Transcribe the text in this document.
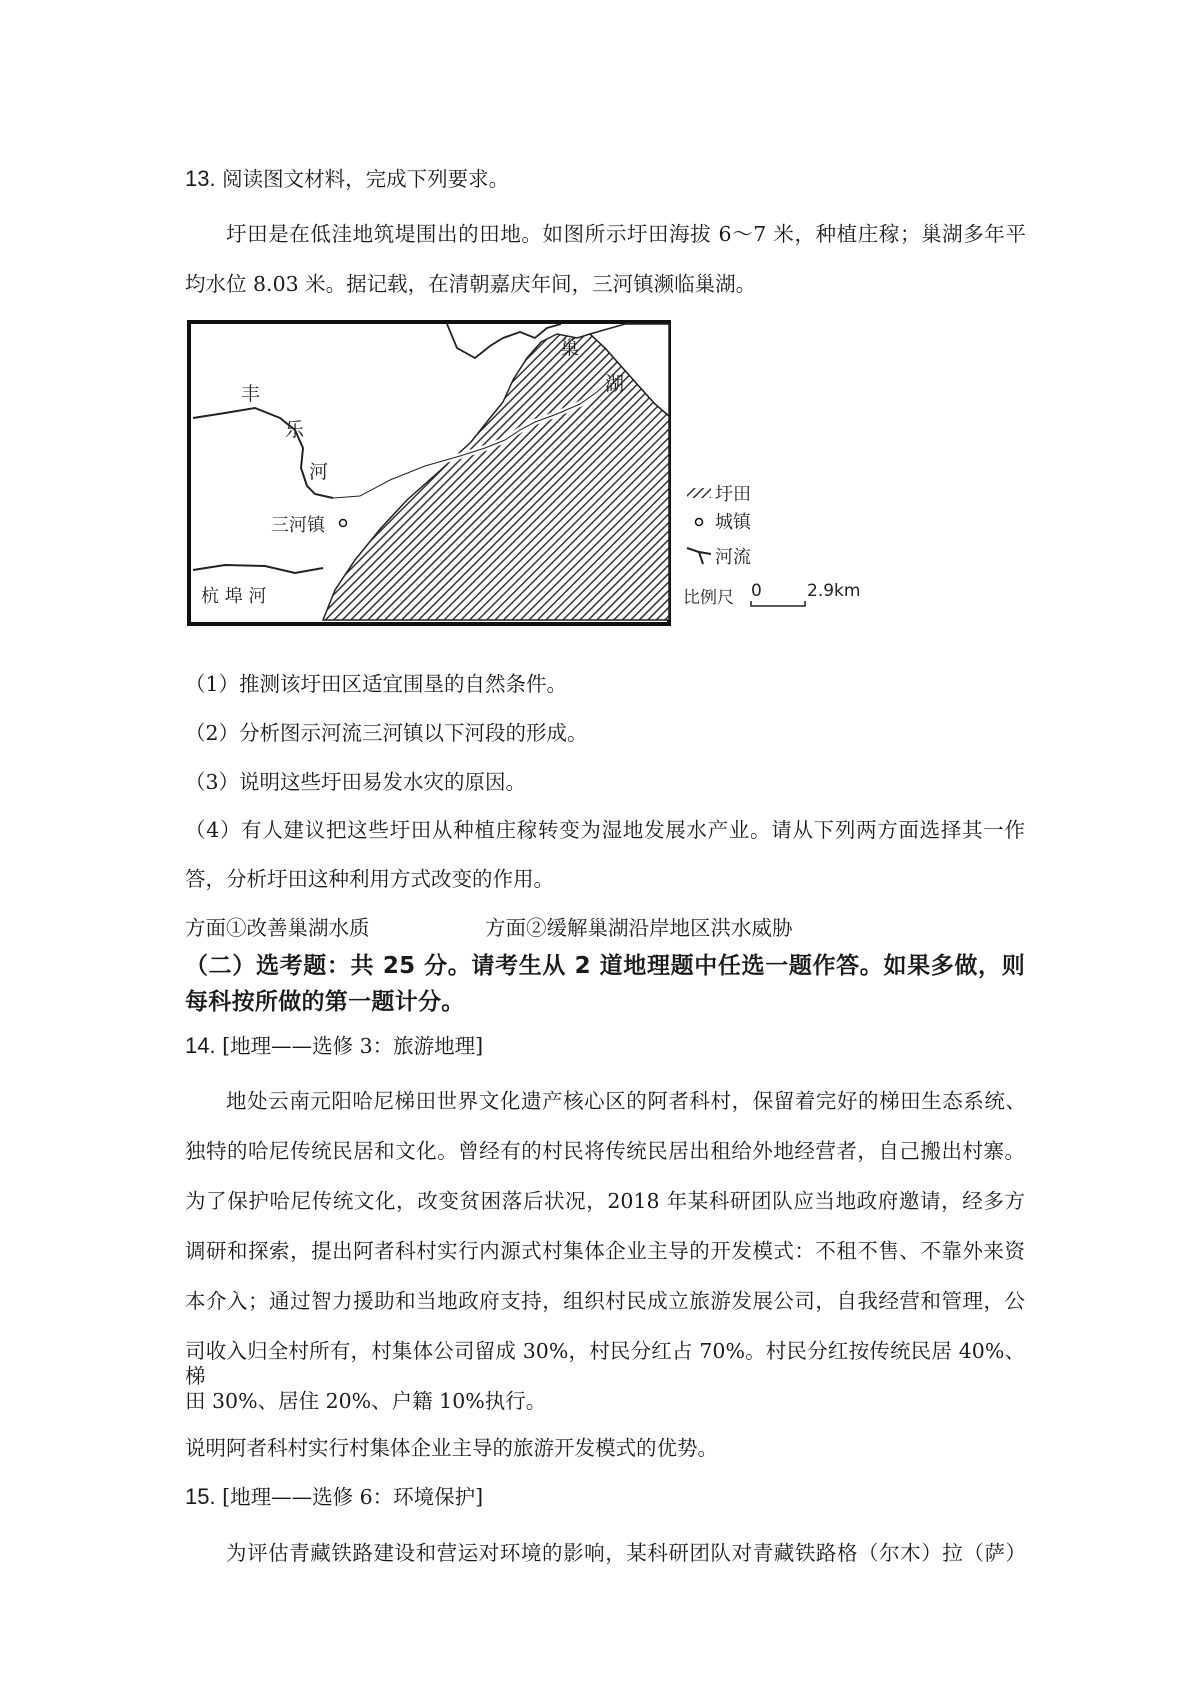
13. 阅读图文材料，完成下列要求。
圩田是在低洼地筑堤围出的田地。如图所示圩田海拔 6～7 米，种植庄稼；巢湖多年平
均水位 8.03 米。据记载，在清朝嘉庆年间，三河镇濒临巢湖。
巢
湖
丰
乐
河
三河镇
杭 埠 河
圩田
城镇
河流
比例尺 0	2.9km
（1）推测该圩田区适宜围垦的自然条件。
（2）分析图示河流三河镇以下河段的形成。
（3）说明这些圩田易发水灾的原因。
（4）有人建议把这些圩田从种植庄稼转变为湿地发展水产业。请从下列两方面选择其一作
答，分析圩田这种利用方式改变的作用。
方面①改善巢湖水质	方面②缓解巢湖沿岸地区洪水威胁
（二）选考题：共 25 分。请考生从 2 道地理题中任选一题作答。如果多做，则
每科按所做的第一题计分。
14. [地理——选修 3：旅游地理]
地处云南元阳哈尼梯田世界文化遗产核心区的阿者科村，保留着完好的梯田生态系统、
独特的哈尼传统民居和文化。曾经有的村民将传统民居出租给外地经营者，自己搬出村寨。
为了保护哈尼传统文化，改变贫困落后状况，2018 年某科研团队应当地政府邀请，经多方
调研和探索，提出阿者科村实行内源式村集体企业主导的开发模式：不租不售、不靠外来资
本介入；通过智力援助和当地政府支持，组织村民成立旅游发展公司，自我经营和管理，公
司收入归全村所有，村集体公司留成 30%，村民分红占 70%。村民分红按传统民居 40%、梯
田 30%、居住 20%、户籍 10%执行。
说明阿者科村实行村集体企业主导的旅游开发模式的优势。
15. [地理——选修 6：环境保护]
为评估青藏铁路建设和营运对环境的影响，某科研团队对青藏铁路格（尔木）拉（萨）
